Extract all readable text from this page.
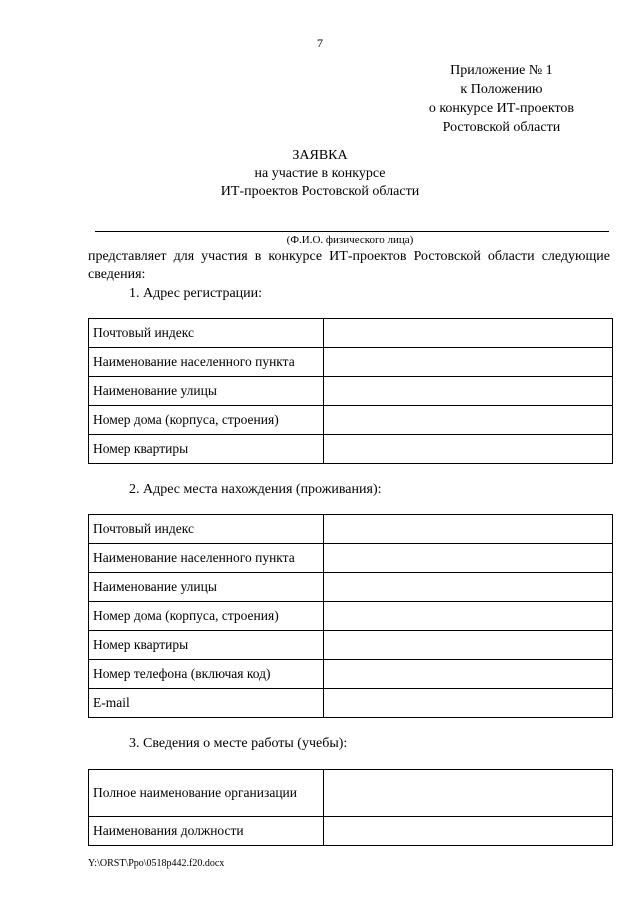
7
Приложение № 1
к Положению
о конкурсе ИТ-проектов
Ростовской области
ЗАЯВКА
на участие в конкурсе
ИТ-проектов Ростовской области
(Ф.И.О. физического лица)
представляет для участия в конкурсе ИТ-проектов Ростовской области следующие сведения:
1. Адрес регистрации:
Почтовый индекс	
Наименование населенного пункта	
Наименование улицы	
Номер дома (корпуса, строения)	
Номер квартиры	
2. Адрес места нахождения (проживания):
Почтовый индекс	
Наименование населенного пункта	
Наименование улицы	
Номер дома (корпуса, строения)	
Номер квартиры	
Номер телефона (включая код)	
E-mail	
3. Сведения о месте работы (учебы):
Полное наименование организации	
Наименования должности	
Y:\ORST\Ppo\0518p442.f20.docx
